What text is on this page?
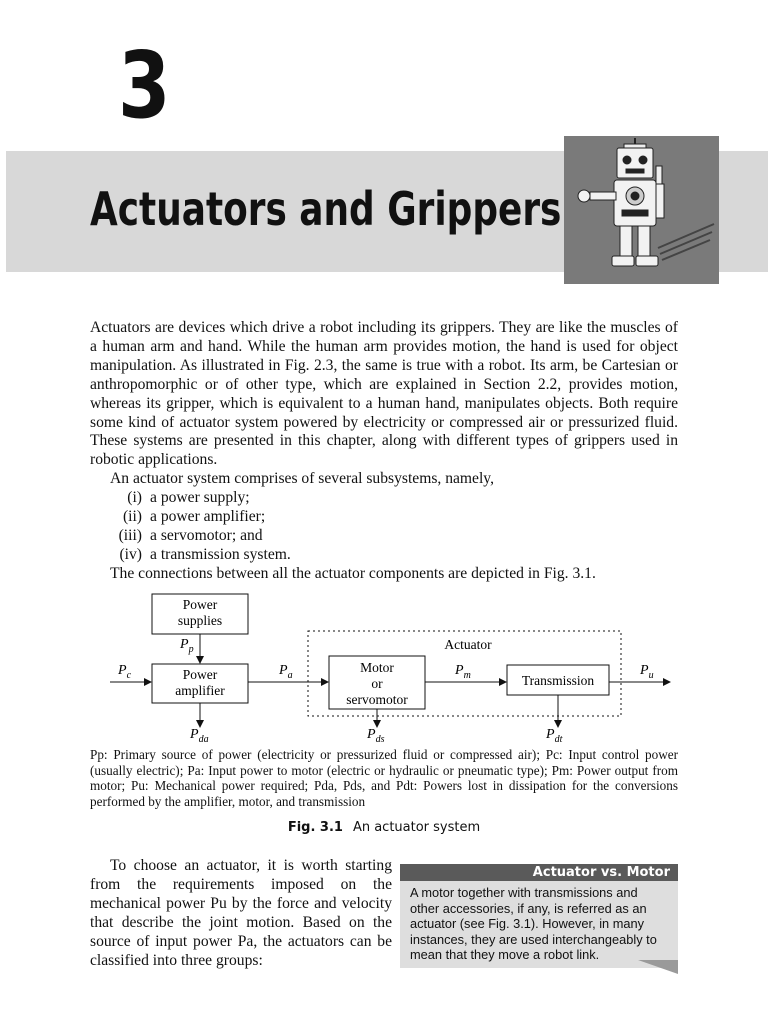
3
Actuators and Grippers

Actuators are devices which drive a robot including its grippers. They are like the muscles of a human arm and hand. While the human arm provides motion, the hand is used for object manipulation. As illustrated in Fig. 2.3, the same is true with a robot. Its arm, be Cartesian or anthropomorphic or of other type, which are explained in Section 2.2, provides motion, whereas its gripper, which is equivalent to a human hand, manipulates objects. Both require some kind of actuator system powered by electricity or compressed air or pressurized fluid. These systems are presented in this chapter, along with different types of grippers used in robotic applications.

An actuator system comprises of several subsystems, namely,

(i) a power supply;
(ii) a power amplifier;
(iii) a servomotor; and
(iv) a transmission system.

The connections between all the actuator components are depicted in Fig. 3.1.

Actuator
Power
supplies
Power
amplifier
Motor
or
servomotor
Transmission
$P_p$
$P_c$	$P_a$	$P_m$	$P_u$
$P_{da}$	$P_{ds}$	$P_{dt}$
Pp: Primary source of power (electricity or pressurized fluid or compressed air); Pc: Input control power (usually electric); Pa: Input power to motor (electric or hydraulic or pneumatic type); Pm: Power output from motor; Pu: Mechanical power required; Pda, Pds, and Pdt: Powers lost in dissipation for the conversions performed by the amplifier, motor, and transmission
Fig. 3.1 An actuator system

To choose an actuator, it is worth starting from the requirements imposed on the mechanical power Pu by the force and velocity that describe the joint motion. Based on the source of input power Pa, the actuators can be classified into three groups:

Actuator vs. Motor
A motor together with transmissions and other accessories, if any, is referred as an actuator (see Fig. 3.1). However, in many instances, they are used interchangeably to mean that they move a robot link.
